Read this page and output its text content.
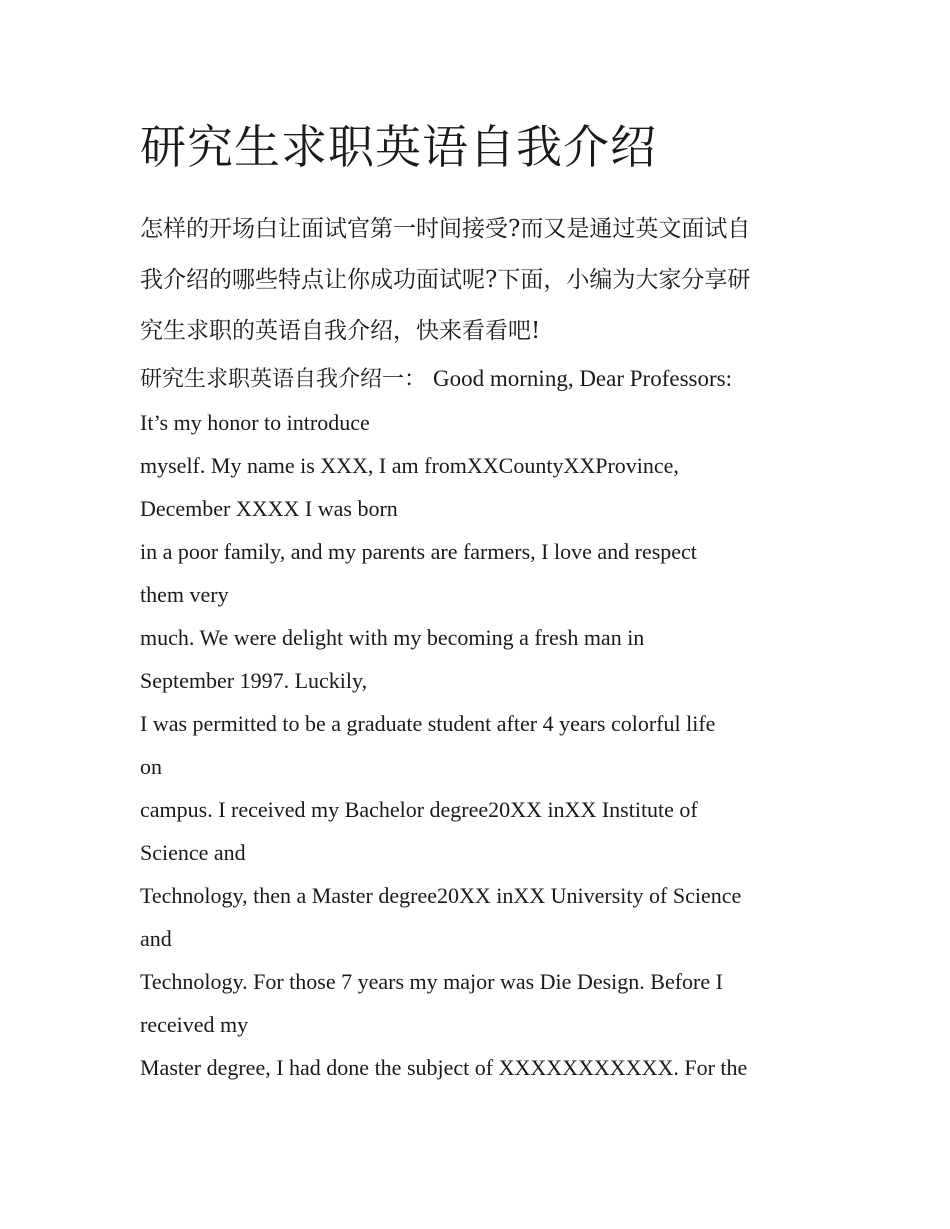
研究生求职英语自我介绍

怎样的开场白让面试官第一时间接受?而又是通过英文面试自
我介绍的哪些特点让你成功面试呢?下面，小编为大家分享研
究生求职的英语自我介绍，快来看看吧!

研究生求职英语自我介绍一： Good morning, Dear Professors:

It’s my honor to introduce
myself. My name is XXX, I am fromXXCountyXXProvince,
December XXXX I was born
in a poor family, and my parents are farmers, I love and respect
them very
much. We were delight with my becoming a fresh man in
September 1997. Luckily,
I was permitted to be a graduate student after 4 years colorful life
on
campus. I received my Bachelor degree20XX inXX Institute of
Science and
Technology, then a Master degree20XX inXX University of Science
and
Technology. For those 7 years my major was Die Design. Before I
received my
Master degree, I had done the subject of XXXXXXXXXXX. For the
